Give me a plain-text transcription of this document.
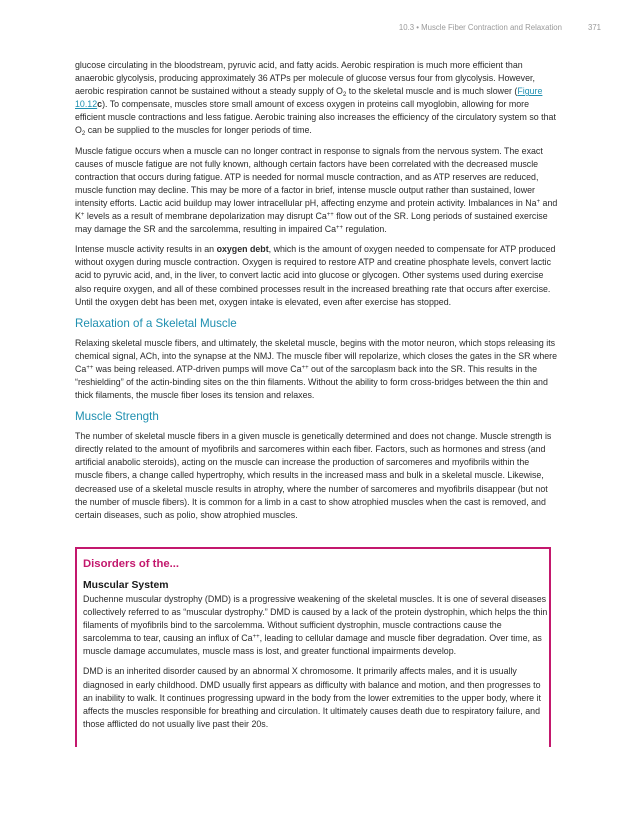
10.3 • Muscle Fiber Contraction and Relaxation	371

glucose circulating in the bloodstream, pyruvic acid, and fatty acids. Aerobic respiration is much more efficient than anaerobic glycolysis, producing approximately 36 ATPs per molecule of glucose versus four from glycolysis. However, aerobic respiration cannot be sustained without a steady supply of $O_2$ to the skeletal muscle and is much slower (Figure 10.12c). To compensate, muscles store small amount of excess oxygen in proteins call myoglobin, allowing for more efficient muscle contractions and less fatigue. Aerobic training also increases the efficiency of the circulatory system so that $O_2$ can be supplied to the muscles for longer periods of time.

Muscle fatigue occurs when a muscle can no longer contract in response to signals from the nervous system. The exact causes of muscle fatigue are not fully known, although certain factors have been correlated with the decreased muscle contraction that occurs during fatigue. ATP is needed for normal muscle contraction, and as ATP reserves are reduced, muscle function may decline. This may be more of a factor in brief, intense muscle output rather than sustained, lower intensity efforts. Lactic acid buildup may lower intracellular pH, affecting enzyme and protein activity. Imbalances in Na+ and K+ levels as a result of membrane depolarization may disrupt Ca++ flow out of the SR. Long periods of sustained exercise may damage the SR and the sarcolemma, resulting in impaired Ca++ regulation.

Intense muscle activity results in an oxygen debt, which is the amount of oxygen needed to compensate for ATP produced without oxygen during muscle contraction. Oxygen is required to restore ATP and creatine phosphate levels, convert lactic acid to pyruvic acid, and, in the liver, to convert lactic acid into glucose or glycogen. Other systems used during exercise also require oxygen, and all of these combined processes result in the increased breathing rate that occurs after exercise. Until the oxygen debt has been met, oxygen intake is elevated, even after exercise has stopped.

Relaxation of a Skeletal Muscle

Relaxing skeletal muscle fibers, and ultimately, the skeletal muscle, begins with the motor neuron, which stops releasing its chemical signal, ACh, into the synapse at the NMJ. The muscle fiber will repolarize, which closes the gates in the SR where Ca++ was being released. ATP-driven pumps will move Ca++ out of the sarcoplasm back into the SR. This results in the “reshielding” of the actin-binding sites on the thin filaments. Without the ability to form cross-bridges between the thin and thick filaments, the muscle fiber loses its tension and relaxes.

Muscle Strength

The number of skeletal muscle fibers in a given muscle is genetically determined and does not change. Muscle strength is directly related to the amount of myofibrils and sarcomeres within each fiber. Factors, such as hormones and stress (and artificial anabolic steroids), acting on the muscle can increase the production of sarcomeres and myofibrils within the muscle fibers, a change called hypertrophy, which results in the increased mass and bulk in a skeletal muscle. Likewise, decreased use of a skeletal muscle results in atrophy, where the number of sarcomeres and myofibrils disappear (but not the number of muscle fibers). It is common for a limb in a cast to show atrophied muscles when the cast is removed, and certain diseases, such as polio, show atrophied muscles.

Disorders of the...
Muscular System

Duchenne muscular dystrophy (DMD) is a progressive weakening of the skeletal muscles. It is one of several diseases collectively referred to as “muscular dystrophy.” DMD is caused by a lack of the protein dystrophin, which helps the thin filaments of myofibrils bind to the sarcolemma. Without sufficient dystrophin, muscle contractions cause the sarcolemma to tear, causing an influx of Ca++, leading to cellular damage and muscle fiber degradation. Over time, as muscle damage accumulates, muscle mass is lost, and greater functional impairments develop.

DMD is an inherited disorder caused by an abnormal X chromosome. It primarily affects males, and it is usually diagnosed in early childhood. DMD usually first appears as difficulty with balance and motion, and then progresses to an inability to walk. It continues progressing upward in the body from the lower extremities to the upper body, where it affects the muscles responsible for breathing and circulation. It ultimately causes death due to respiratory failure, and those afflicted do not usually live past their 20s.
